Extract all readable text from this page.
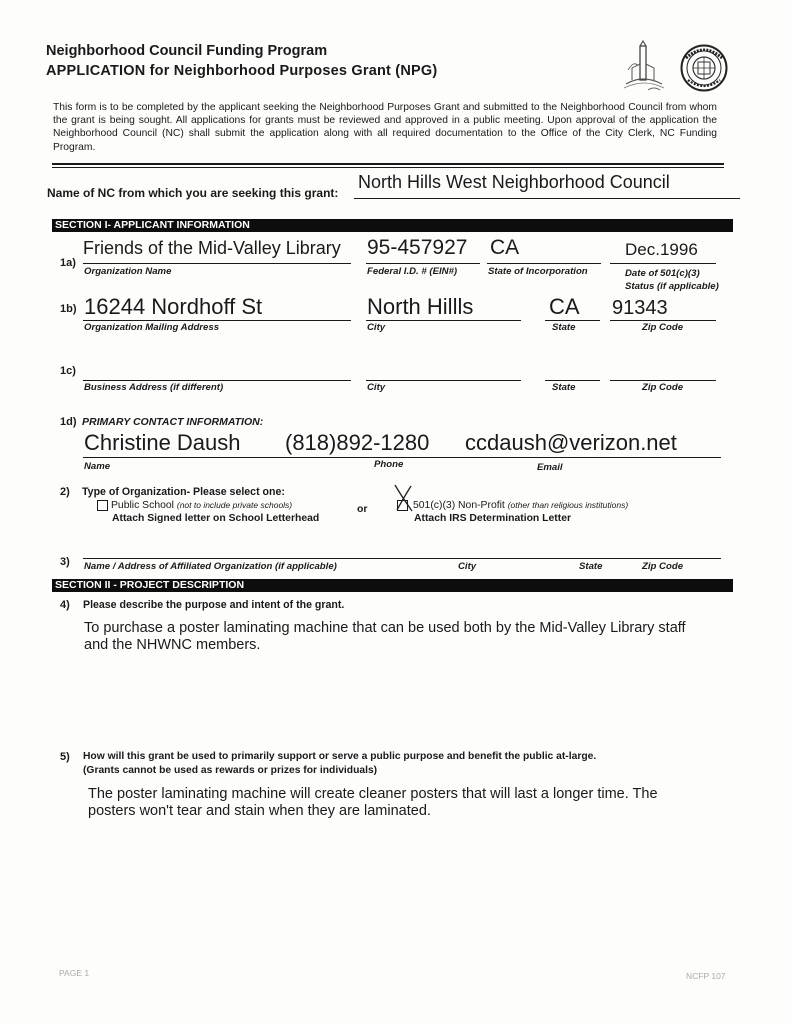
Neighborhood Council Funding Program
APPLICATION for Neighborhood Purposes Grant (NPG)
This form is to be completed by the applicant seeking the Neighborhood Purposes Grant and submitted to the Neighborhood Council from whom the grant is being sought. All applications for grants must be reviewed and approved in a public meeting. Upon approval of the application the Neighborhood Council (NC) shall submit the application along with all required documentation to the Office of the City Clerk, NC Funding Program.
Name of NC from which you are seeking this grant:
North Hills West Neighborhood Council
SECTION I- APPLICANT INFORMATION
1a)
Friends of the Mid-Valley Library
Organization Name
95-457927
Federal I.D. # (EIN#)
CA
State of Incorporation
Dec.1996
Date of 501(c)(3)
Status (if applicable)
1b) 16244 Nordhoff St
Organization Mailing Address
North Hillls
City
CA
State
91343
Zip Code
1c)
Business Address (if different)	City	State	Zip Code
1d) PRIMARY CONTACT INFORMATION:
Christine Daush (818)892-1280 ccdaush@verizon.net
Name	Phone	Email
2) Type of Organization- Please select one:
Public School (not to include private schools)
Attach Signed letter on School Letterhead
or	501(c)(3) Non-Profit (other than religious institutions)
Attach IRS Determination Letter
3) Name / Address of Affiliated Organization (if applicable)	City	State	Zip Code
SECTION II - PROJECT DESCRIPTION
4) Please describe the purpose and intent of the grant.
To purchase a poster laminating machine that can be used both by the Mid-Valley Library staff
and the NHWNC members.
5) How will this grant be used to primarily support or serve a public purpose and benefit the public at-large.
(Grants cannot be used as rewards or prizes for individuals)
The poster laminating machine will create cleaner posters that will last a longer time. The
posters won't tear and stain when they are laminated.
PAGE 1	NCFP 107
